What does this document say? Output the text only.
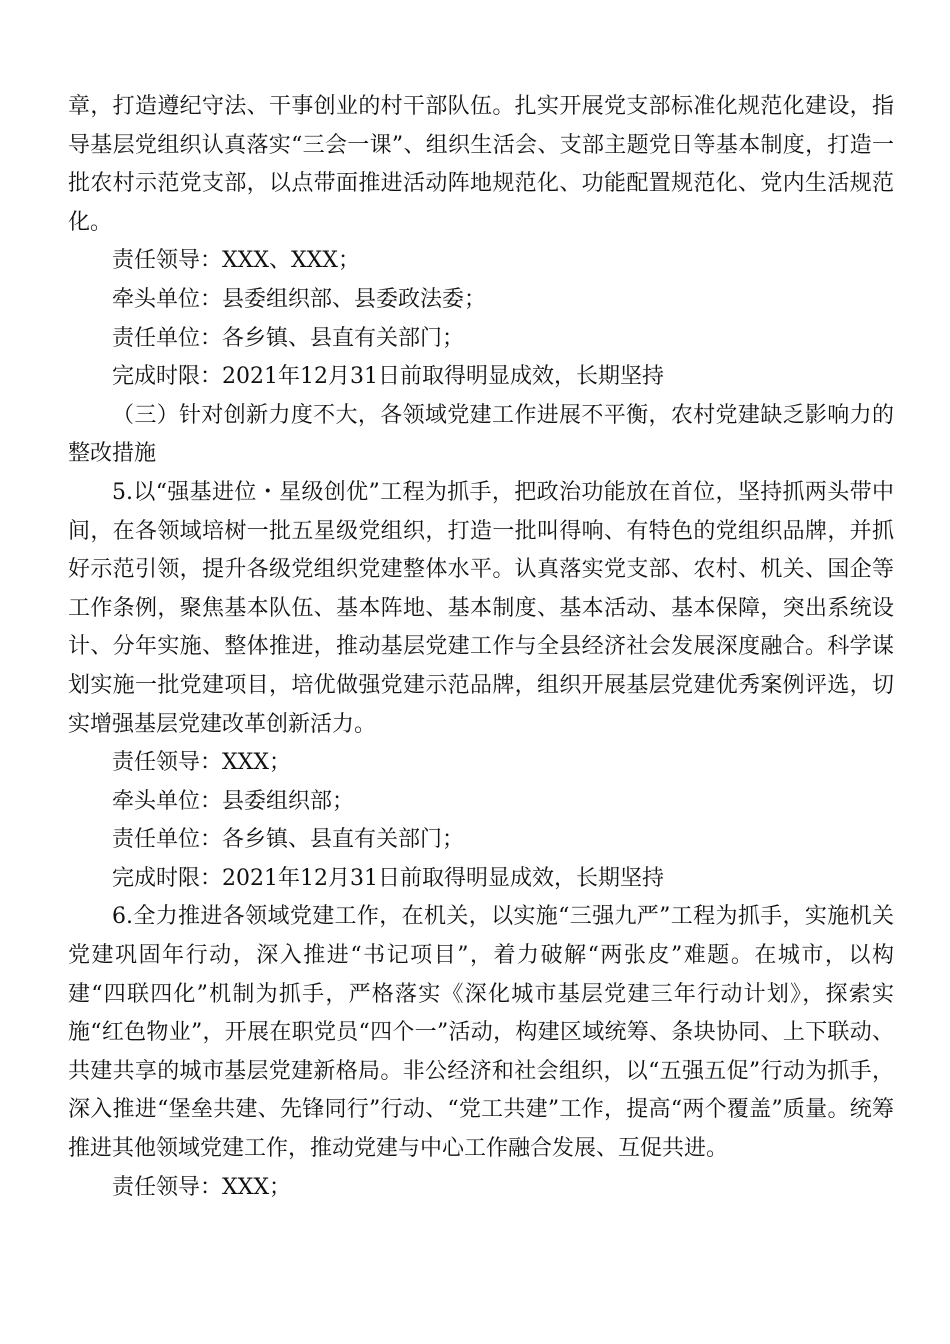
章，打造遵纪守法、干事创业的村干部队伍。扎实开展党支部标准化规范化建设，指导基层党组织认真落实“三会一课”、组织生活会、支部主题党日等基本制度，打造一批农村示范党支部，以点带面推进活动阵地规范化、功能配置规范化、党内生活规范化。

责任领导：XXX、XXX；

牵头单位：县委组织部、县委政法委；

责任单位：各乡镇、县直有关部门；

完成时限：2021年12月31日前取得明显成效，长期坚持

（三）针对创新力度不大，各领域党建工作进展不平衡，农村党建缺乏影响力的整改措施

5.以“强基进位・星级创优”工程为抓手，把政治功能放在首位，坚持抓两头带中间，在各领域培树一批五星级党组织，打造一批叫得响、有特色的党组织品牌，并抓好示范引领，提升各级党组织党建整体水平。认真落实党支部、农村、机关、国企等工作条例，聚焦基本队伍、基本阵地、基本制度、基本活动、基本保障，突出系统设计、分年实施、整体推进，推动基层党建工作与全县经济社会发展深度融合。科学谋划实施一批党建项目，培优做强党建示范品牌，组织开展基层党建优秀案例评选，切实增强基层党建改革创新活力。

责任领导：XXX；

牵头单位：县委组织部；

责任单位：各乡镇、县直有关部门；

完成时限：2021年12月31日前取得明显成效，长期坚持

6.全力推进各领域党建工作，在机关，以实施“三强九严”工程为抓手，实施机关党建巩固年行动，深入推进“书记项目”，着力破解“两张皮”难题。在城市，以构建“四联四化”机制为抓手，严格落实《深化城市基层党建三年行动计划》，探索实施“红色物业”，开展在职党员“四个一”活动，构建区域统筹、条块协同、上下联动、共建共享的城市基层党建新格局。非公经济和社会组织，以“五强五促”行动为抓手，深入推进“堡垒共建、先锋同行”行动、“党工共建”工作，提高“两个覆盖”质量。统筹推进其他领域党建工作，推动党建与中心工作融合发展、互促共进。

责任领导：XXX；
